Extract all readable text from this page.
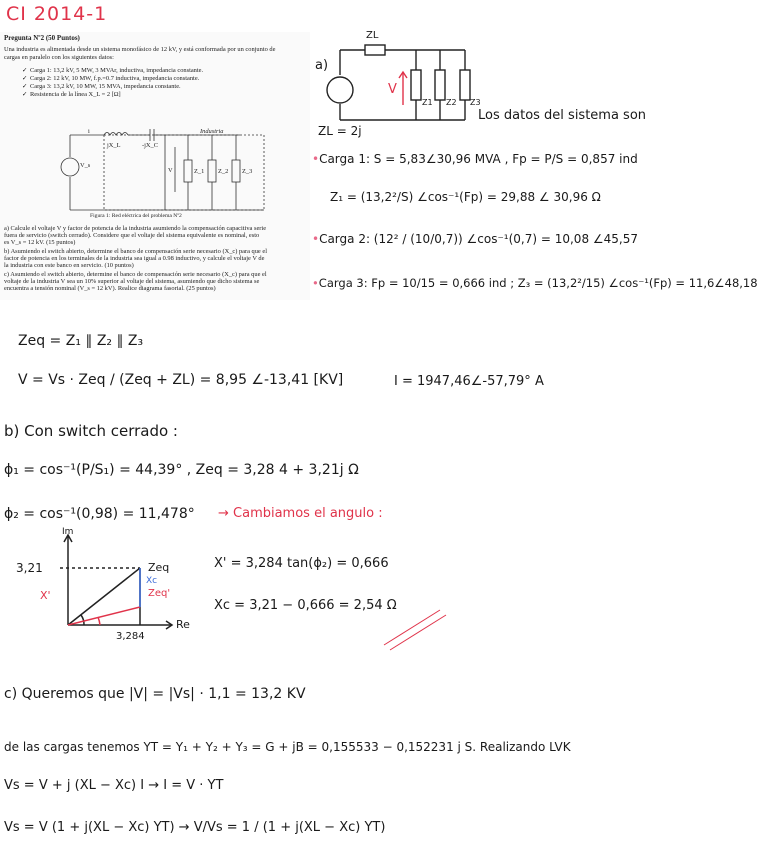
CI 2014-1
Pregunta Nº2 (50 Puntos)
Una industria es alimentada desde un sistema monofásico de 12 kV, y está conformada por un conjunto de
cargas en paralelo con los siguientes datos:
Carga 1: 13,2 kV, 5 MW, 3 MVAr, inductiva, impedancia constante.
Carga 2: 12 kV, 10 MW, f.p.=0.7 inductiva, impedancia constante.
Carga 3: 13,2 kV, 10 MW, 15 MVA, impedancia constante.
Resistencia de la línea X_L = 2 [Ω]
✓
✓
✓
✓
i
jX_L	-jX_C
Industria
V_s
V	Z_1 Z_2 Z_3
Figura 1: Red eléctrica del problema Nº2
a) Calcule el voltaje V y factor de potencia de la industria asumiendo la compensación capacitiva serie
fuera de servicio (switch cerrado). Considere que el voltaje del sistema equivalente es nominal, esto
es V_s = 12 kV. (15 puntos)
b) Asumiendo el switch abierto, determine el banco de compensación serie necesario (X_c) para que el
factor de potencia en los terminales de la industria sea igual a 0.98 inductivo, y calcule el voltaje V de
la industria con este banco en servicio. (10 puntos)
c) Asumiendo el switch abierto, determine el banco de compensación serie necesario (X_c) para que el
voltaje de la industria V sea un 10% superior al voltaje del sistema, asumiendo que dicho sistema se
encuentra a tensión nominal (V_s = 12 kV). Realice diagrama fasorial. (25 puntos)
a)
ZL
V
Z1 Z2 Z3
Los datos del sistema son
ZL = 2j
•Carga 1: S = 5,83∠30,96 MVA , Fp = P/S = 0,857 ind
Z₁ = (13,2²/S) ∠cos⁻¹(Fp) = 29,88 ∠ 30,96 Ω
•Carga 2: (12² / (10/0,7)) ∠cos⁻¹(0,7) = 10,08 ∠45,57
•Carga 3: Fp = 10/15 = 0,666 ind ; Z₃ = (13,2²/15) ∠cos⁻¹(Fp) = 11,6∠48,18
Zeq = Z₁ ∥ Z₂ ∥ Z₃
V = Vs · Zeq / (Zeq + ZL) = 8,95 ∠-13,41 [KV]	I = 1947,46∠-57,79° A
b) Con switch cerrado :
ϕ₁ = cos⁻¹(P/S₁) = 44,39° , Zeq = 3,28 4 + 3,21j Ω
ϕ₂ = cos⁻¹(0,98) = 11,478° → Cambiamos el angulo :
Im
Re
3,21
3,284
Zeq
Zeq'
Xc
X'
X' = 3,284 tan(ϕ₂) = 0,666
Xc = 3,21 − 0,666 = 2,54 Ω
c) Queremos que |V| = |Vs| · 1,1 = 13,2 KV
de las cargas tenemos YT = Y₁ + Y₂ + Y₃ = G + jB = 0,155533 − 0,152231 j S. Realizando LVK
Vs = V + j (XL − Xc) I → I = V · YT
Vs = V (1 + j(XL − Xc) YT) → V/Vs = 1 / (1 + j(XL − Xc) YT)
